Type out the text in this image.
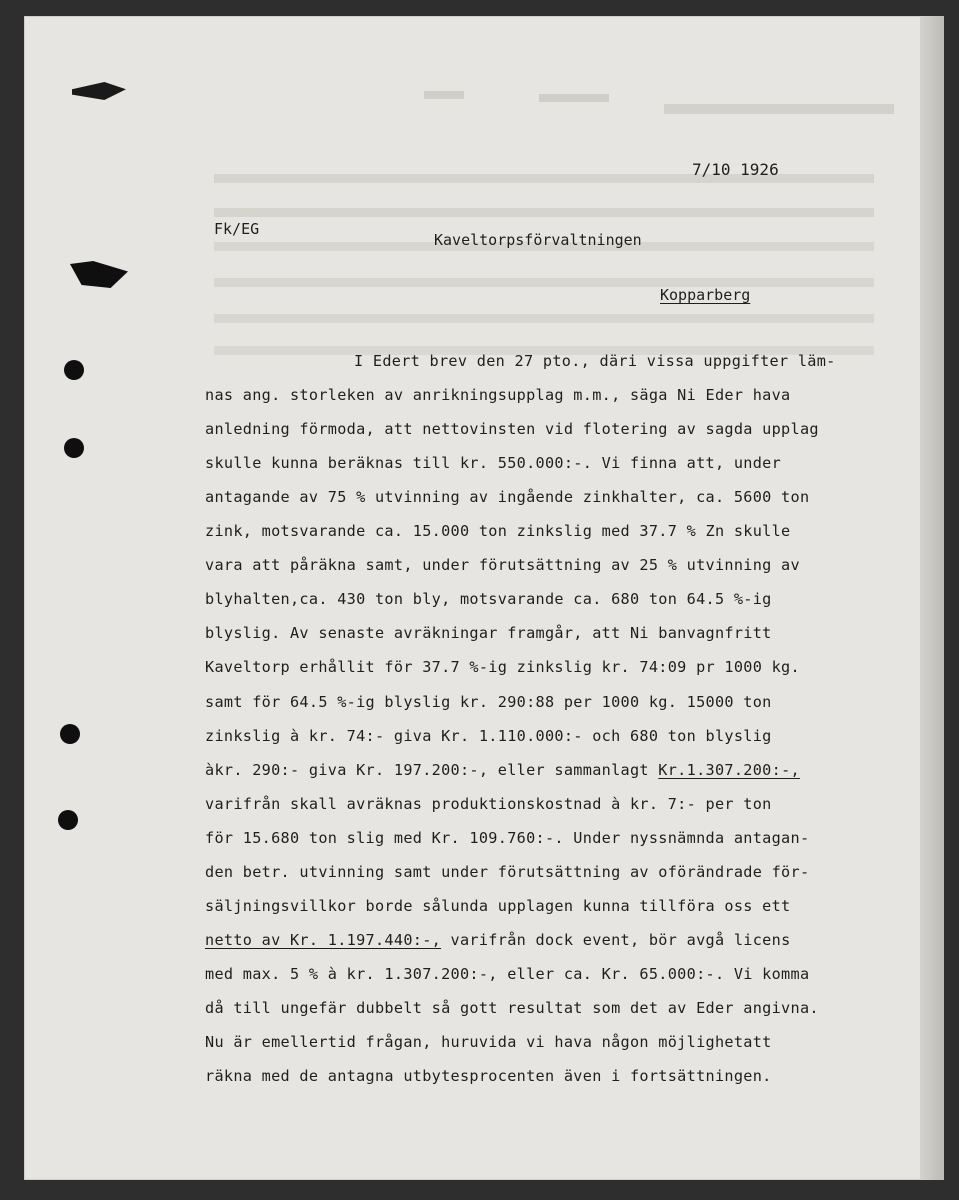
7/10 1926
Fk/EG
Kaveltorpsförvaltningen
Kopparberg
I Edert brev den 27 pto., däri vissa uppgifter läm-
nas ang. storleken av anrikningsupplag m.m., säga Ni Eder hava
anledning förmoda, att nettovinsten vid flotering av sagda upplag
skulle kunna beräknas till kr. 550.000:-. Vi finna att, under
antagande av 75 % utvinning av ingående zinkhalter, ca. 5600 ton
zink, motsvarande ca. 15.000 ton zinkslig med 37.7 % Zn skulle
vara att påräkna samt, under förutsättning av 25 % utvinning av
blyhalten,ca. 430 ton bly, motsvarande ca. 680 ton 64.5 %-ig
blyslig. Av senaste avräkningar framgår, att Ni banvagnfritt
Kaveltorp erhållit för 37.7 %-ig zinkslig kr. 74:09 pr 1000 kg.
samt för 64.5 %-ig blyslig kr. 290:88 per 1000 kg. 15000 ton
zinkslig à kr. 74:- giva Kr. 1.110.000:- och 680 ton blyslig
àkr. 290:- giva Kr. 197.200:-, eller sammanlagt Kr.1.307.200:-,
varifrån skall avräknas produktionskostnad à kr. 7:- per ton
för 15.680 ton slig med Kr. 109.760:-. Under nyssnämnda antagan-
den betr. utvinning samt under förutsättning av oförändrade för-
säljningsvillkor borde sålunda upplagen kunna tillföra oss ett
netto av Kr. 1.197.440:-, varifrån dock event, bör avgå licens
med max. 5 % à kr. 1.307.200:-, eller ca. Kr. 65.000:-. Vi komma
då till ungefär dubbelt så gott resultat som det av Eder angivna.
Nu är emellertid frågan, huruvida vi hava någon möjlighetatt
räkna med de antagna utbytesprocenten även i fortsättningen.
